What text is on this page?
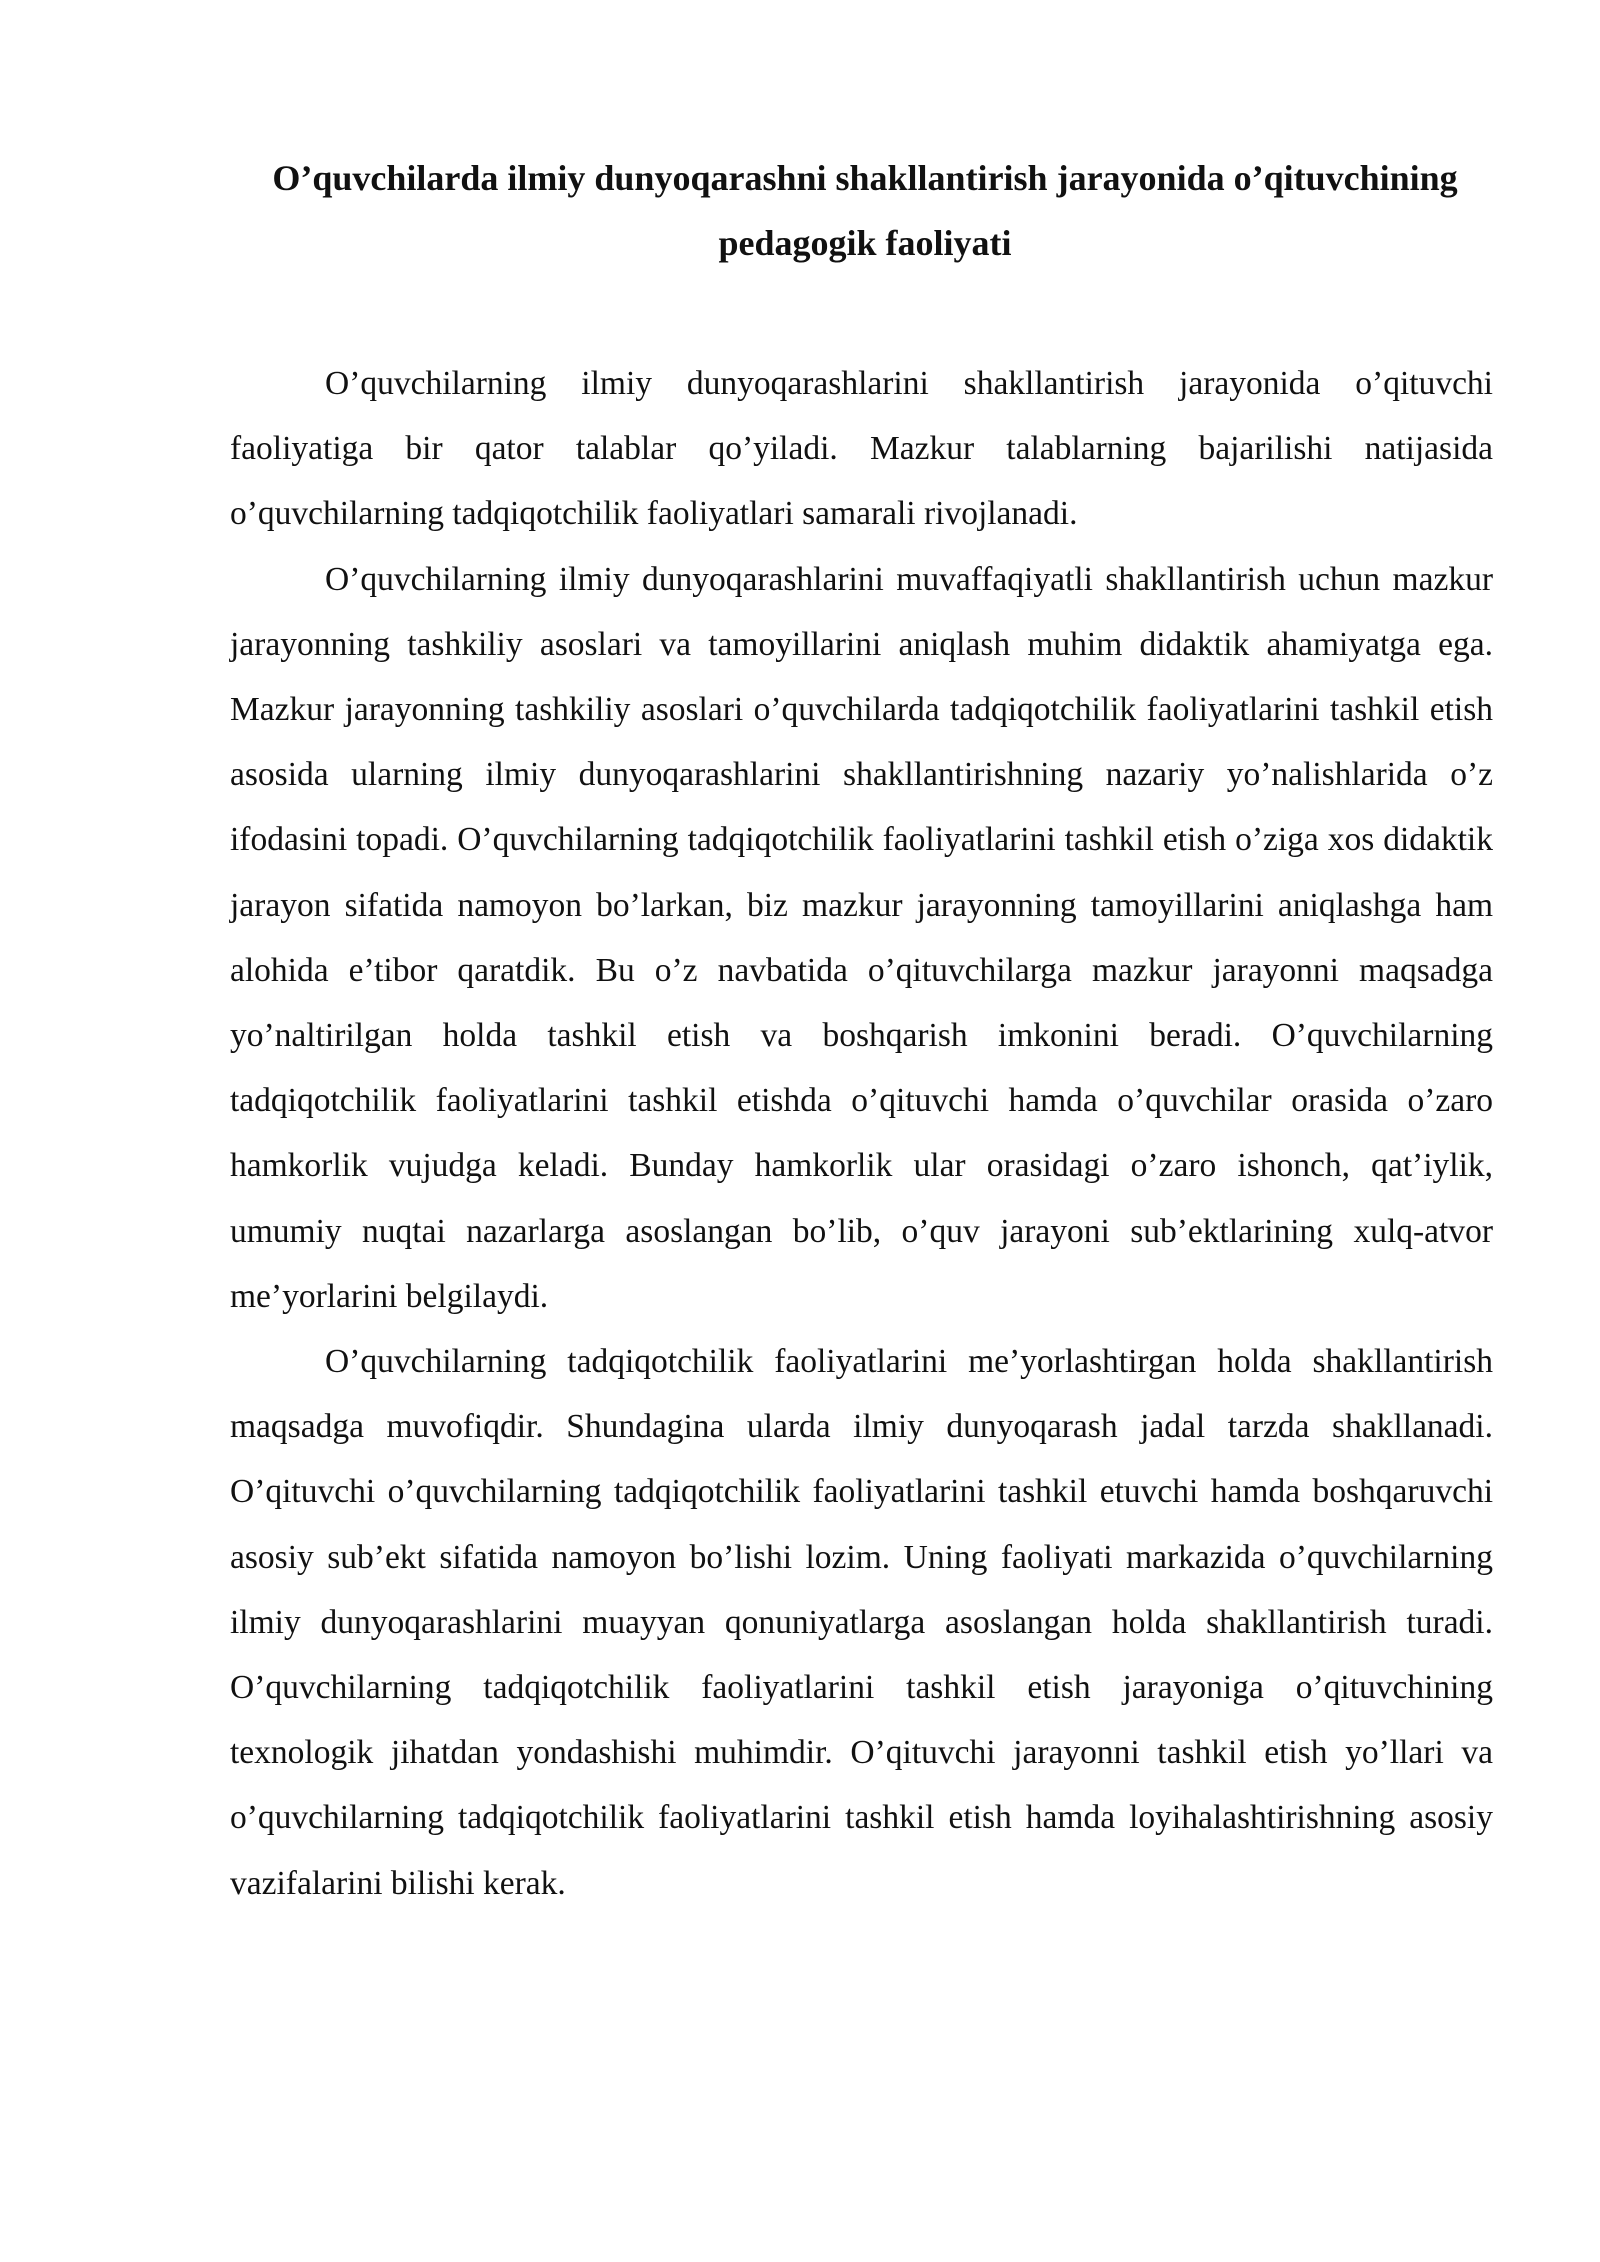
O’quvchilarda ilmiy dunyoqarashni shakllantirish jarayonida o’qituvchining pedagogik faoliyati

O’quvchilarning ilmiy dunyoqarashlarini shakllantirish jarayonida o’qituvchi faoliyatiga bir qator talablar qo’yiladi. Mazkur talablarning bajarilishi natijasida o’quvchilarning tadqiqotchilik faoliyatlari samarali rivojlanadi.

O’quvchilarning ilmiy dunyoqarashlarini muvaffaqiyatli shakllantirish uchun mazkur jarayonning tashkiliy asoslari va tamoyillarini aniqlash muhim didaktik ahamiyatga ega. Mazkur jarayonning tashkiliy asoslari o’quvchilarda tadqiqotchilik faoliyatlarini tashkil etish asosida ularning ilmiy dunyoqarashlarini shakllantirishning nazariy yo’nalishlarida o’z ifodasini topadi. O’quvchilarning tadqiqotchilik faoliyatlarini tashkil etish o’ziga xos didaktik jarayon sifatida namoyon bo’larkan, biz mazkur jarayonning tamoyillarini aniqlashga ham alohida e’tibor qaratdik. Bu o’z navbatida o’qituvchilarga mazkur jarayonni maqsadga yo’naltirilgan holda tashkil etish va boshqarish imkonini beradi. O’quvchilarning tadqiqotchilik faoliyatlarini tashkil etishda o’qituvchi hamda o’quvchilar orasida o’zaro hamkorlik vujudga keladi. Bunday hamkorlik ular orasidagi o’zaro ishonch, qat’iylik, umumiy nuqtai nazarlarga asoslangan bo’lib, o’quv jarayoni sub’ektlarining xulq-atvor me’yorlarini belgilaydi.

O’quvchilarning tadqiqotchilik faoliyatlarini me’yorlashtirgan holda shakllantirish maqsadga muvofiqdir. Shundagina ularda ilmiy dunyoqarash jadal tarzda shakllanadi. O’qituvchi o’quvchilarning tadqiqotchilik faoliyatlarini tashkil etuvchi hamda boshqaruvchi asosiy sub’ekt sifatida namoyon bo’lishi lozim. Uning faoliyati markazida o’quvchilarning ilmiy dunyoqarashlarini muayyan qonuniyatlarga asoslangan holda shakllantirish turadi. O’quvchilarning tadqiqotchilik faoliyatlarini tashkil etish jarayoniga o’qituvchining texnologik jihatdan yondashishi muhimdir. O’qituvchi jarayonni tashkil etish yo’llari va o’quvchilarning tadqiqotchilik faoliyatlarini tashkil etish hamda loyihalashtirishning asosiy vazifalarini bilishi kerak.
